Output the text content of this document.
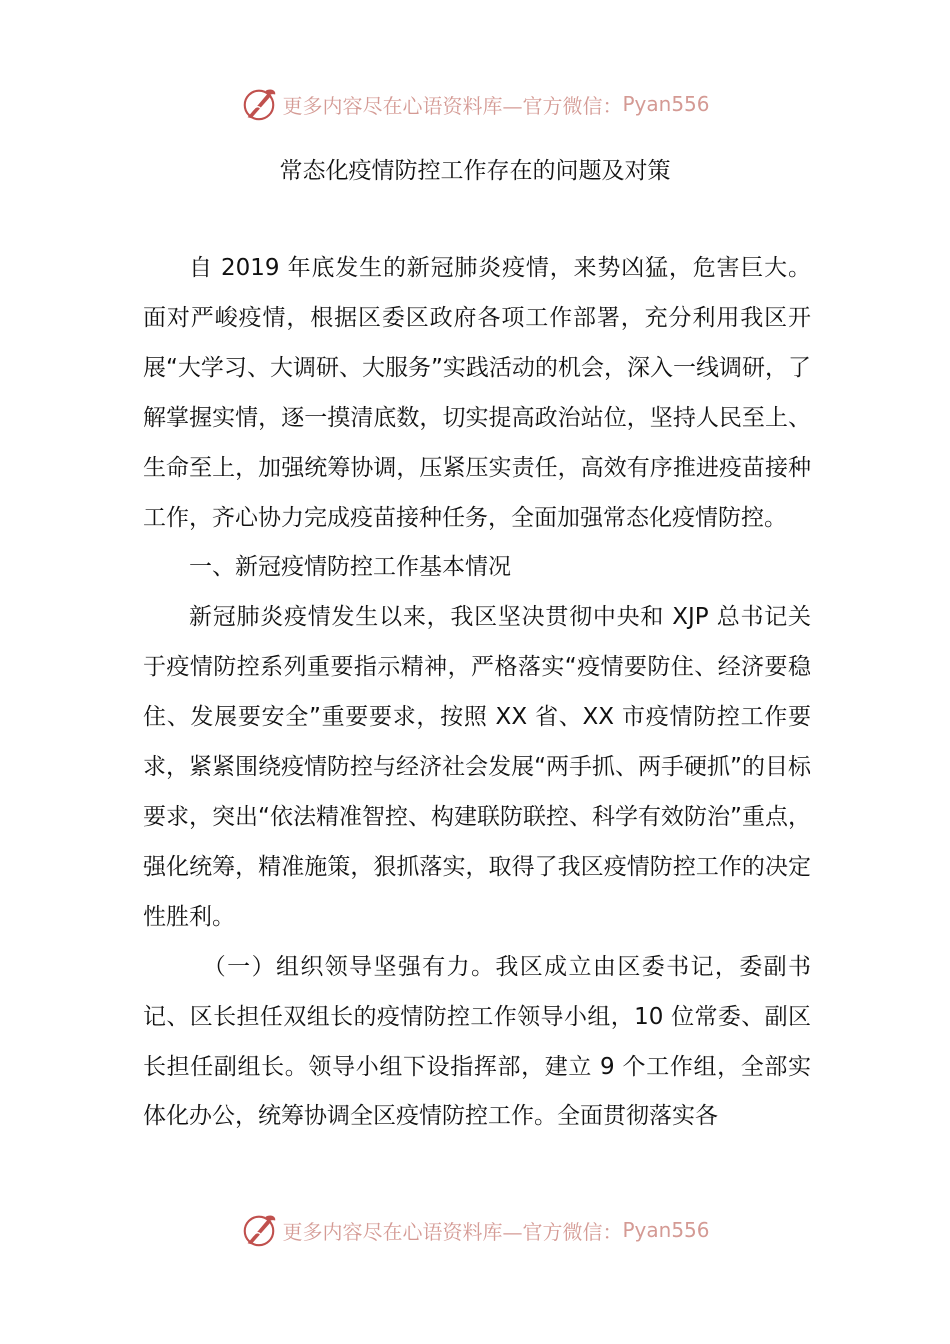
更多内容尽在心语资料库—官方微信： Pyan556
常态化疫情防控工作存在的问题及对策

自 2019 年底发生的新冠肺炎疫情，来势凶猛，危害巨大。面对严峻疫情，根据区委区政府各项工作部署，充分利用我区开展“大学习、大调研、大服务”实践活动的机会，深入一线调研，了解掌握实情，逐一摸清底数，切实提高政治站位，坚持人民至上、生命至上，加强统筹协调，压紧压实责任，高效有序推进疫苗接种工作，齐心协力完成疫苗接种任务，全面加强常态化疫情防控。

一、新冠疫情防控工作基本情况

新冠肺炎疫情发生以来，我区坚决贯彻中央和 XJP 总书记关于疫情防控系列重要指示精神，严格落实“疫情要防住、经济要稳住、发展要安全”重要要求，按照 XX 省、XX 市疫情防控工作要求，紧紧围绕疫情防控与经济社会发展“两手抓、两手硬抓”的目标要求，突出“依法精准智控、构建联防联控、科学有效防治”重点，强化统筹，精准施策，狠抓落实，取得了我区疫情防控工作的决定性胜利。

（一）组织领导坚强有力。我区成立由区委书记，委副书记、区长担任双组长的疫情防控工作领导小组，10 位常委、副区长担任副组长。领导小组下设指挥部，建立 9 个工作组，全部实体化办公，统筹协调全区疫情防控工作。全面贯彻落实各

更多内容尽在心语资料库—官方微信： Pyan556
